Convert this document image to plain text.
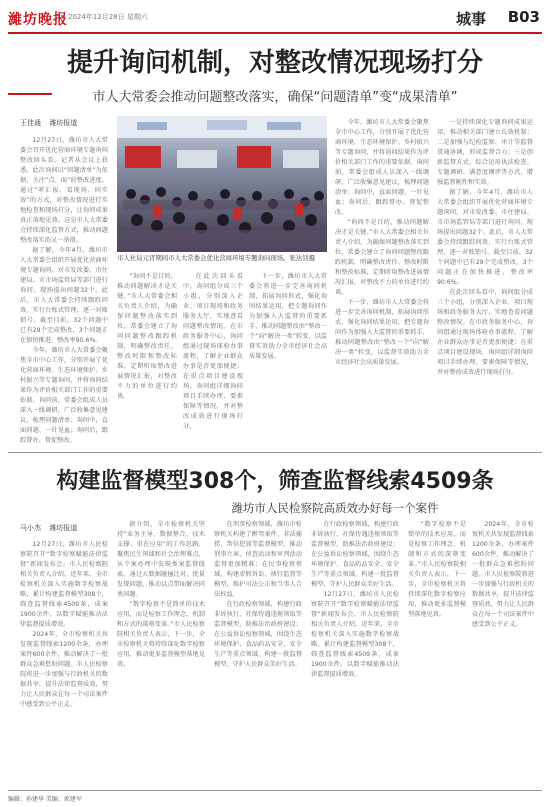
濰坊晚报 2024年12月28日 星期六	城事 B03
提升询问机制，对整改情况现场打分
市人大常委会推动问题整改落实，确保“问题清单”变“成果清单”
王佳通 潍坊报道

12月27日，潍坊市人大常委会召开优化营商环境专题询问整改回头看。记者从会议上获悉，此次询问以“问题清单”为依据，关注“点、面”的整改进度。通过“听汇报、看现场、问实效”的方式，对整改情况进行实地检查和现场打分，让询问成果真正落地见效。这是市人大常委会持续深化监督方式，推动问题整改落实的又一举措。

据了解，今年4月，潍坊市人大常委会组织开展优化营商环境专题询问，对市发改委、市住建局、市市场监管局等部门进行询问，现场提出问题32个。此后，市人大常委会持续跟踪问效，实行台账式管理，逐一对账销号。截至目前，32个问题中已有29个完成整改，3个问题正在加快推进，整改率90.6%。

今年，潍坊市人大常委会聚焦全市中心工作，分别开展了优化营商环境、生态环境保护、乡村振兴等专题询问，并将询问结果作为评价相关部门工作的重要依据。询问前，常委会组成人员深入一线调研，广泛收集意见建议，梳理问题清单；询问中，直面问题、一针见血；询问后，跟踪督办、督促整改。

市人社局元宵期间市人大常委会优化营商环境专题询问现场。张达钊摄

“询问不是目的，推动问题解决才是关键。”市人大常委会相关负责人介绍，为确保问题整改落实到位，常委会建立了询问问题整改跟踪机制，明确整改责任、整改时限和整改标准，定期听取整改进展情况汇报，对整改不力的单位进行约谈。

在此次回头看中，询问组分成三个小组，分别深入企业、项目现场和政务服务大厅，实地查看问题整改情况。在市政务服务中心，询问组通过现场体验办事流程，了解企业群众办事是否更加便捷；在重点项目建设现场，询问组详细询问项目手续办理、要素保障等情况，并对整改成效进行现场打分。

下一步，潍坊市人大常委会将进一步完善询问机制，拓展询问形式，强化询问结果运用，把专题询问作为加强人大监督的重要抓手，推动问题整改由“整改一个”向“解决一类”转变，以监督实效助力全市经济社会高质量发展。

今年，潍坊市人大常委会聚焦全市中心工作，分别开展了优化营商环境、生态环境保护、乡村振兴等专题询问，并将询问结果作为评价相关部门工作的重要依据。询问前，常委会组成人员深入一线调研，广泛收集意见建议，梳理问题清单；询问中，直面问题、一针见血；询问后，跟踪督办、督促整改。

“询问不是目的，推动问题解决才是关键。”市人大常委会相关负责人介绍，为确保问题整改落实到位，常委会建立了询问问题整改跟踪机制，明确整改责任、整改时限和整改标准，定期听取整改进展情况汇报，对整改不力的单位进行约谈。

下一步，潍坊市人大常委会将进一步完善询问机制，拓展询问形式，强化询问结果运用，把专题询问作为加强人大监督的重要抓手，推动问题整改由“整改一个”向“解决一类”转变，以监督实效助力全市经济社会高质量发展。

一是持续深化专题询问成果运用，推动相关部门建立长效机制；二是加强与纪检监察、审计等监督贯通协调，形成监督合力；三是创新监督方式，综合运用执法检查、专题调研、满意度测评等方式，增强监督刚性和实效。

据了解，今年4月，潍坊市人大常委会组织开展优化营商环境专题询问，对市发改委、市住建局、市市场监管局等部门进行询问，现场提出问题32个。此后，市人大常委会持续跟踪问效，实行台账式管理，逐一对账销号。截至目前，32个问题中已有29个完成整改，3个问题正在加快推进，整改率90.6%。

在此次回头看中，询问组分成三个小组，分别深入企业、项目现场和政务服务大厅，实地查看问题整改情况。在市政务服务中心，询问组通过现场体验办事流程，了解企业群众办事是否更加便捷；在重点项目建设现场，询问组详细询问项目手续办理、要素保障等情况，并对整改成效进行现场打分。

构建监督模型308个，筛查监督线索4509条
潍坊市人民检察院高质效办好每一个案件
马小杰 潍坊报道

12月27日，潍坊市人民检察院召开“数字检察赋能法律监督”新闻发布会。市人民检察院相关负责人介绍，近年来，全市检察机关深入实施数字检察战略，累计构建监督模型308个，筛查监督线索4509条，成案1900余件，以数字赋能推动法律监督提质增效。

2024年，全市检察机关共发现监督线索1200余条，办理案件600余件，推动解决了一批群众急难愁盼问题。市人民检察院将进一步加强与行政机关的数据共享，提升法律监督质效，努力让人民群众在每一个司法案件中感受到公平正义。

据介绍，全市检察机关坚持“业务主导、数据整合、技术支撑、重在应用”的工作思路，聚焦民生领域和社会治理难点，从个案办理中发现类案监督线索，通过大数据碰撞比对，批量发现问题，推动以点带面解决同类问题。

“数字检察不是简单的技术应用，而是检察工作理念、机制和方式的深刻变革。”市人民检察院相关负责人表示，下一步，全市检察机关将持续深化数字检察应用，推动更多监督模型落地见效。

在刑事检察领域，潍坊市检察机关构建了醉驾案件、非法捕捞、帮信犯罪等监督模型，推动刑事立案、侦查活动和审判活动监督更加精准；在民事检察领域，构建虚假诉讼、执行监督等模型，维护司法公正和当事人合法权益。

在行政检察领域，构建行政非诉执行、社保待遇违规领取等监督模型，助推法治政府建设；在公益诉讼检察领域，围绕生态环境保护、食品药品安全、安全生产等重点领域，构建一批监督模型，守护人民群众美好生活。

在行政检察领域，构建行政非诉执行、社保待遇违规领取等监督模型，助推法治政府建设；在公益诉讼检察领域，围绕生态环境保护、食品药品安全、安全生产等重点领域，构建一批监督模型，守护人民群众美好生活。

12月27日，潍坊市人民检察院召开“数字检察赋能法律监督”新闻发布会。市人民检察院相关负责人介绍，近年来，全市检察机关深入实施数字检察战略，累计构建监督模型308个，筛查监督线索4509条，成案1900余件，以数字赋能推动法律监督提质增效。

“数字检察不是简单的技术应用，而是检察工作理念、机制和方式的深刻变革。”市人民检察院相关负责人表示，下一步，全市检察机关将持续深化数字检察应用，推动更多监督模型落地见效。

2024年，全市检察机关共发现监督线索1200余条，办理案件600余件，推动解决了一批群众急难愁盼问题。市人民检察院将进一步加强与行政机关的数据共享，提升法律监督质效，努力让人民群众在每一个司法案件中感受到公平正义。

编辑：孙建华 美编：郭建军
